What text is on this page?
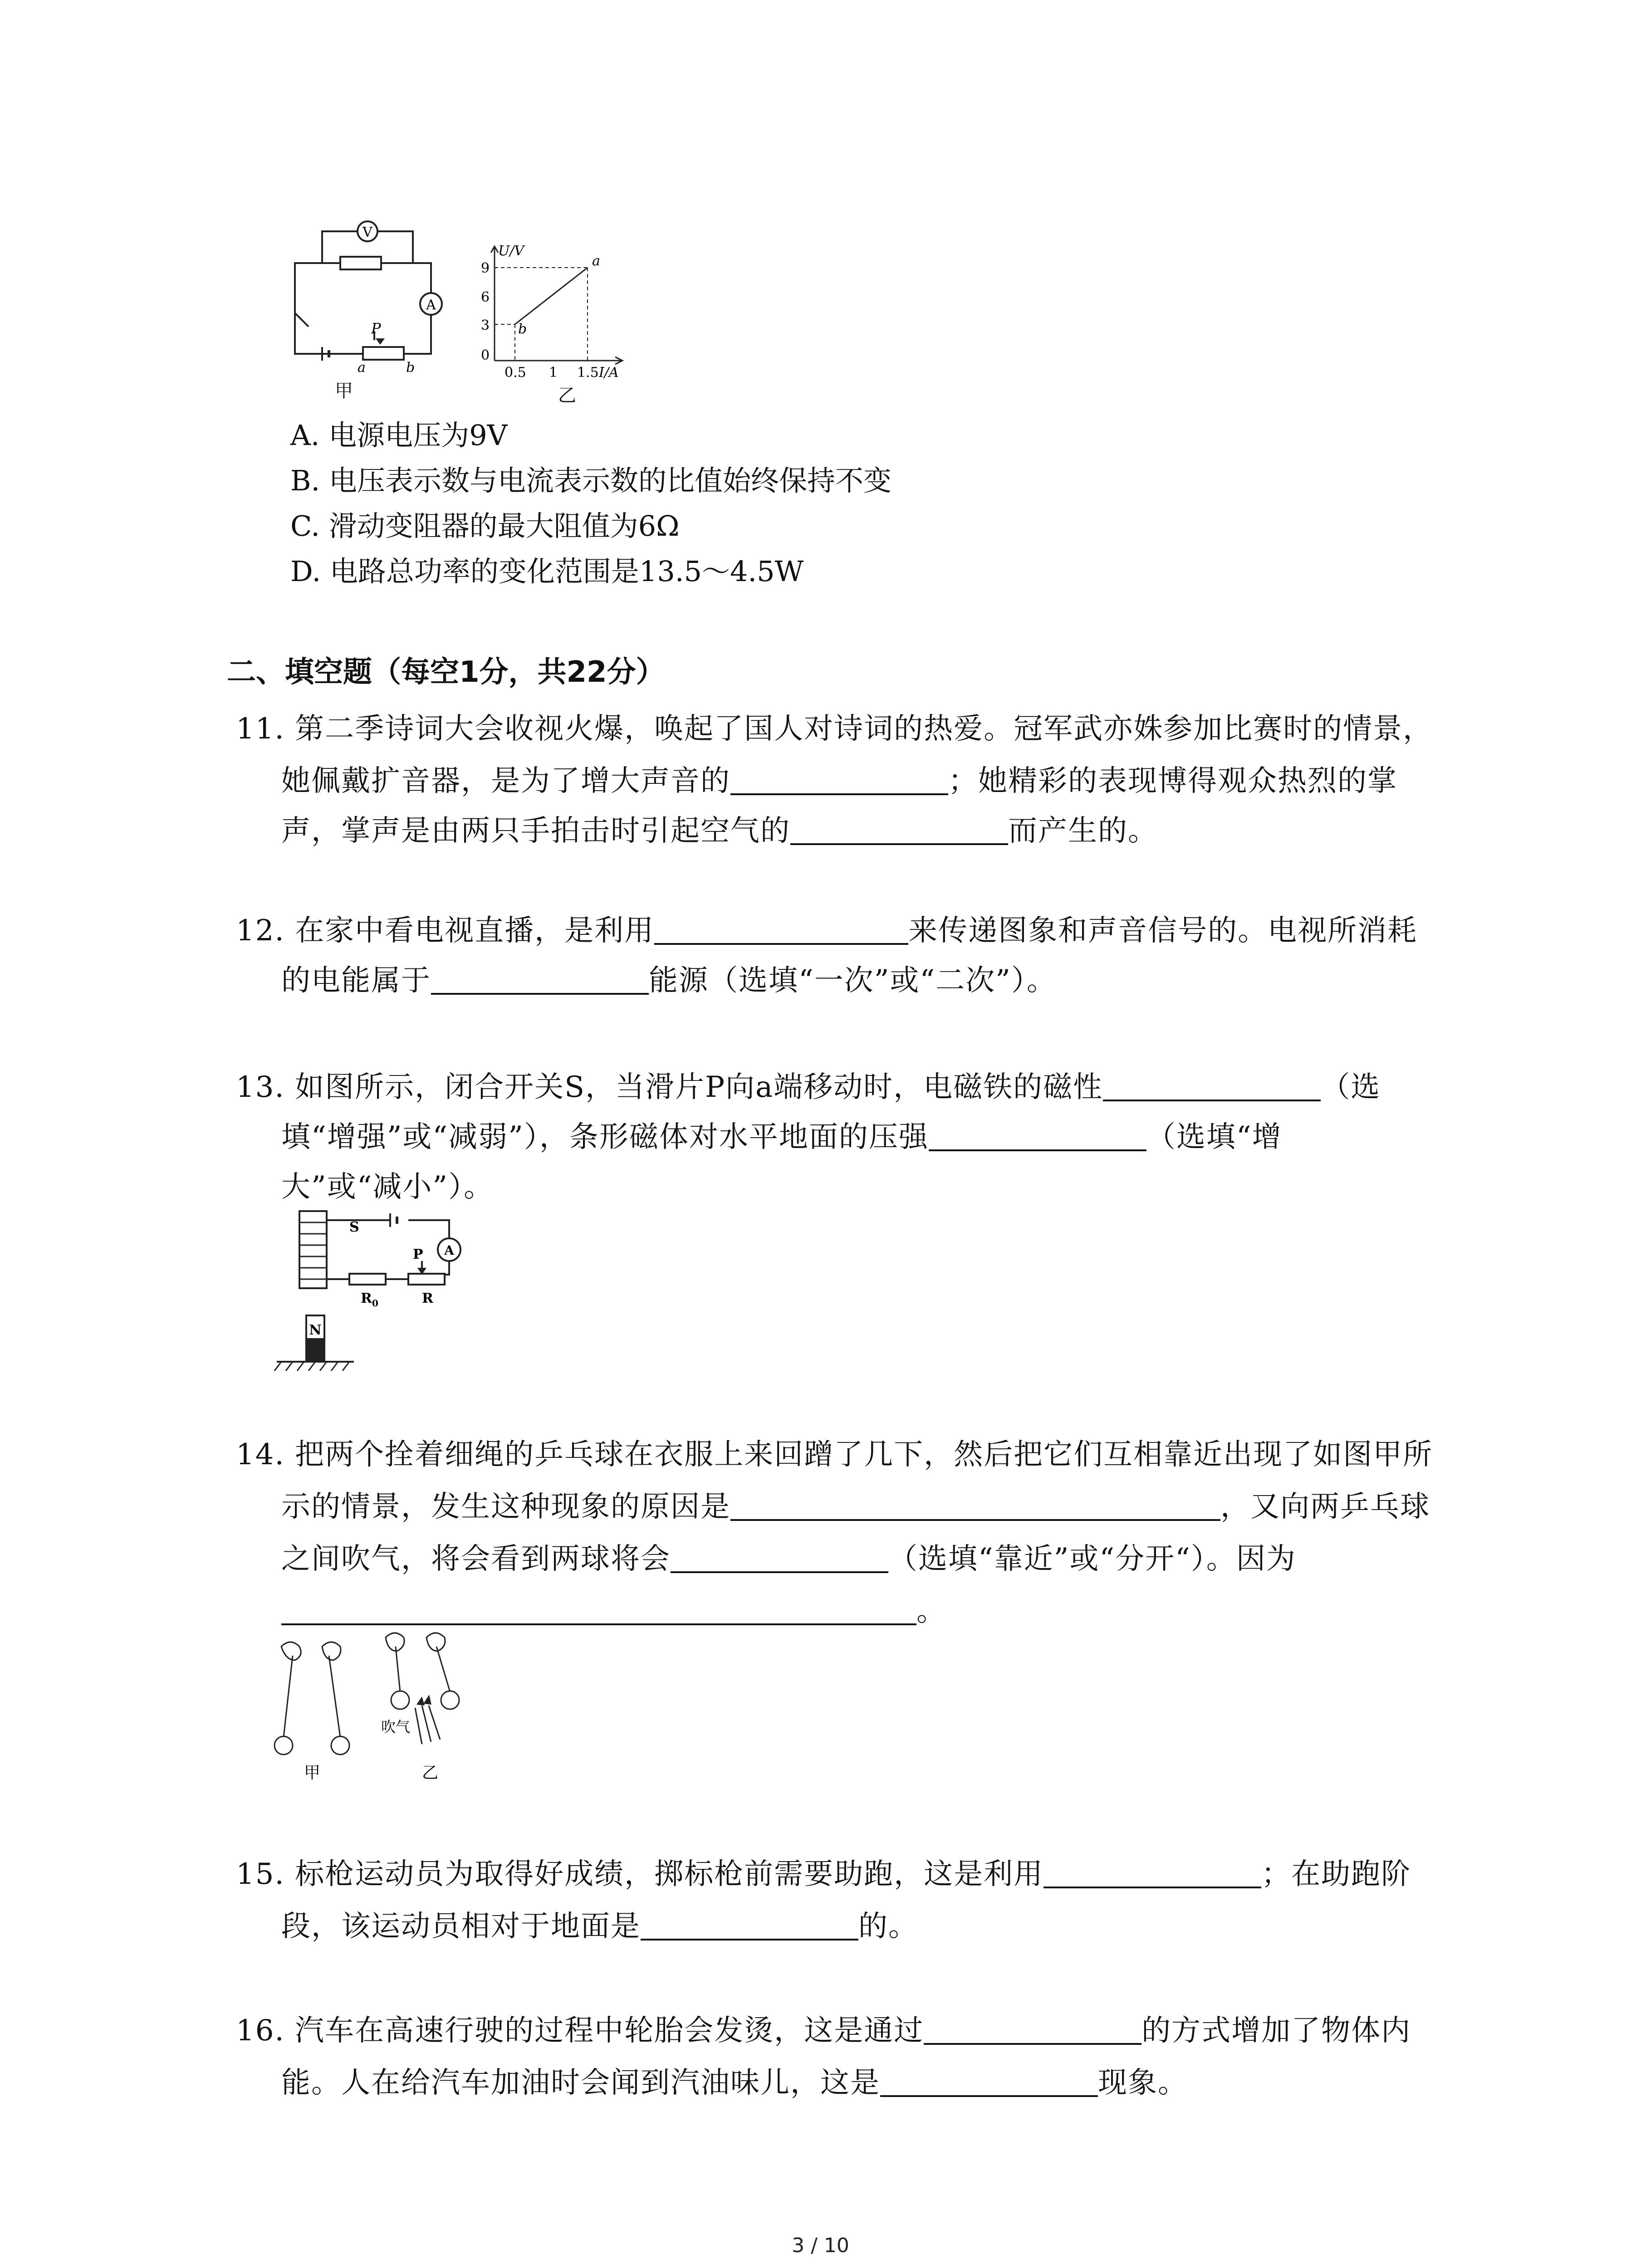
V
A
P
a	b
甲
U/V
I/A
9
6
3
0
0.5 1 1.5
a
b
乙
A. 电源电压为9V
B. 电压表示数与电流表示数的比值始终保持不变
C. 滑动变阻器的最大阻值为6Ω
D. 电路总功率的变化范围是13.5～4.5W
二、填空题（每空1分，共22分）
11. 第二季诗词大会收视火爆，唤起了国人对诗词的热爱。冠军武亦姝参加比赛时的情景，
她佩戴扩音器，是为了增大声音的	；她精彩的表现博得观众热烈的掌
声，掌声是由两只手拍击时引起空气的	而产生的。
12. 在家中看电视直播，是利用	来传递图象和声音信号的。电视所消耗
的电能属于	能源（选填“一次”或“二次”）。
13. 如图所示，闭合开关S，当滑片P向a端移动时，电磁铁的磁性	（选
填“增强”或“减弱”），条形磁体对水平地面的压强	（选填“增
大”或“减小”）。
A
S
P
$R_0$	R
N
14. 把两个拴着细绳的乒乓球在衣服上来回蹭了几下，然后把它们互相靠近出现了如图甲所
示的情景，发生这种现象的原因是	，又向两乒乓球
之间吹气，将会看到两球将会	（选填“靠近”或“分开“）。因为
。
吹气
甲	乙
15. 标枪运动员为取得好成绩，掷标枪前需要助跑，这是利用	；在助跑阶
段，该运动员相对于地面是	的。
16. 汽车在高速行驶的过程中轮胎会发烫，这是通过	的方式增加了物体内
能。人在给汽车加油时会闻到汽油味儿，这是	现象。
3 / 10
